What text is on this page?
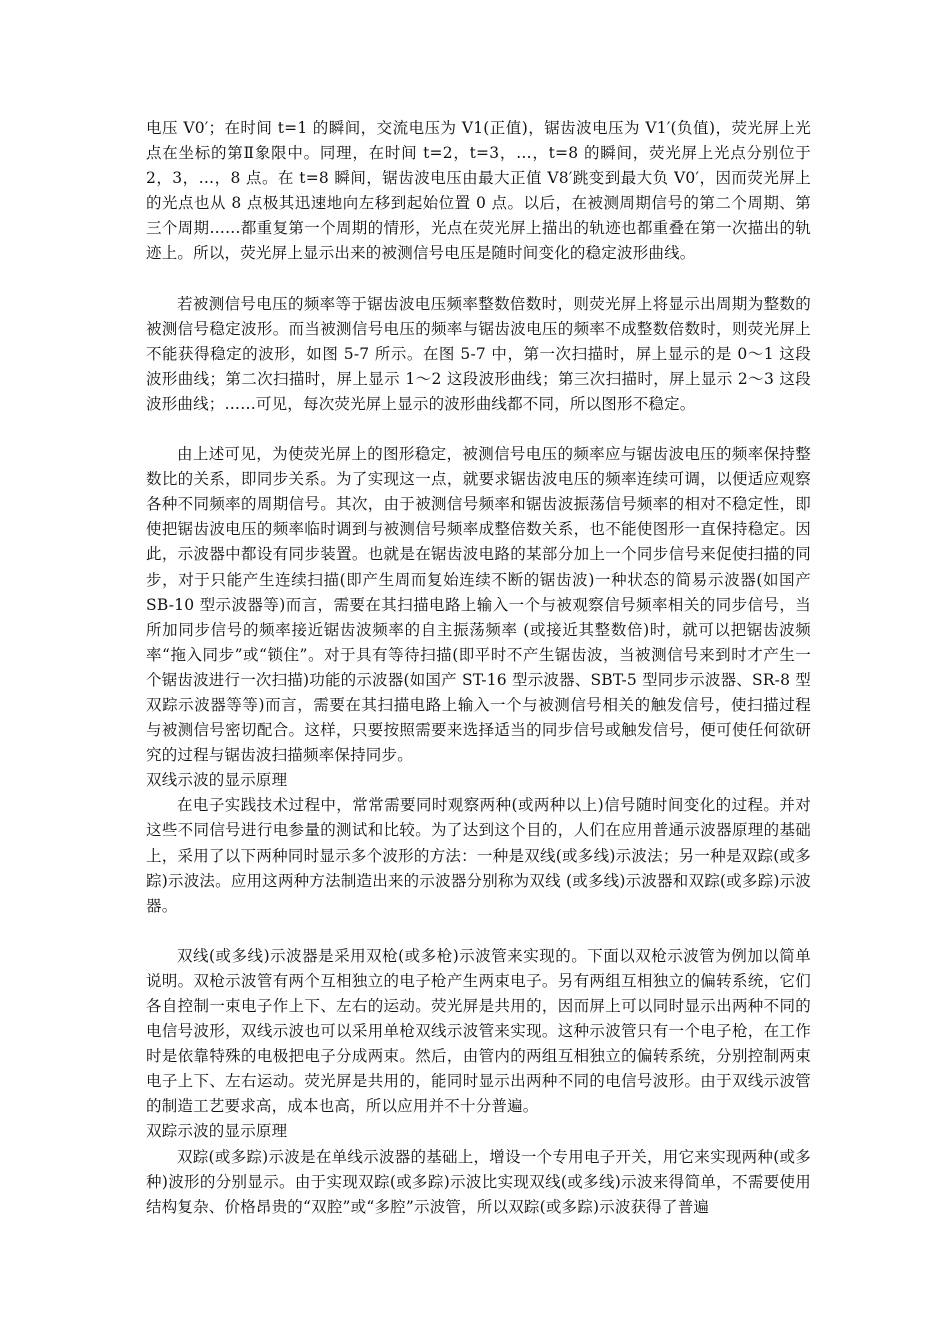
电压 V0′；在时间 t=1 的瞬间，交流电压为 V1(正值)，锯齿波电压为 V1′(负值)，荧光屏上光点在坐标的第Ⅱ象限中。同理，在时间 t=2，t=3，…，t=8 的瞬间，荧光屏上光点分别位于 2，3，…，8 点。在 t=8 瞬间，锯齿波电压由最大正值 V8′跳变到最大负 V0′，因而荧光屏上的光点也从 8 点极其迅速地向左移到起始位置 0 点。以后，在被测周期信号的第二个周期、第三个周期……都重复第一个周期的情形，光点在荧光屏上描出的轨迹也都重叠在第一次描出的轨迹上。所以，荧光屏上显示出来的被测信号电压是随时间变化的稳定波形曲线。

若被测信号电压的频率等于锯齿波电压频率整数倍数时，则荧光屏上将显示出周期为整数的被测信号稳定波形。而当被测信号电压的频率与锯齿波电压的频率不成整数倍数时，则荧光屏上不能获得稳定的波形，如图 5-7 所示。在图 5-7 中，第一次扫描时，屏上显示的是 0～1 这段波形曲线；第二次扫描时，屏上显示 1～2 这段波形曲线；第三次扫描时，屏上显示 2～3 这段波形曲线；……可见，每次荧光屏上显示的波形曲线都不同，所以图形不稳定。

由上述可见，为使荧光屏上的图形稳定，被测信号电压的频率应与锯齿波电压的频率保持整数比的关系，即同步关系。为了实现这一点，就要求锯齿波电压的频率连续可调，以便适应观察各种不同频率的周期信号。其次，由于被测信号频率和锯齿波振荡信号频率的相对不稳定性，即使把锯齿波电压的频率临时调到与被测信号频率成整倍数关系，也不能使图形一直保持稳定。因此，示波器中都设有同步装置。也就是在锯齿波电路的某部分加上一个同步信号来促使扫描的同步，对于只能产生连续扫描(即产生周而复始连续不断的锯齿波)一种状态的简易示波器(如国产 SB-10 型示波器等)而言，需要在其扫描电路上输入一个与被观察信号频率相关的同步信号，当所加同步信号的频率接近锯齿波频率的自主振荡频率 (或接近其整数倍)时，就可以把锯齿波频率“拖入同步”或“锁住”。对于具有等待扫描(即平时不产生锯齿波，当被测信号来到时才产生一个锯齿波进行一次扫描)功能的示波器(如国产 ST-16 型示波器、SBT-5 型同步示波器、SR-8 型双踪示波器等等)而言，需要在其扫描电路上输入一个与被测信号相关的触发信号，使扫描过程与被测信号密切配合。这样，只要按照需要来选择适当的同步信号或触发信号，便可使任何欲研究的过程与锯齿波扫描频率保持同步。

双线示波的显示原理

在电子实践技术过程中，常常需要同时观察两种(或两种以上)信号随时间变化的过程。并对这些不同信号进行电参量的测试和比较。为了达到这个目的，人们在应用普通示波器原理的基础上，采用了以下两种同时显示多个波形的方法：一种是双线(或多线)示波法；另一种是双踪(或多踪)示波法。应用这两种方法制造出来的示波器分别称为双线 (或多线)示波器和双踪(或多踪)示波器。

双线(或多线)示波器是采用双枪(或多枪)示波管来实现的。下面以双枪示波管为例加以简单说明。双枪示波管有两个互相独立的电子枪产生两束电子。另有两组互相独立的偏转系统，它们各自控制一束电子作上下、左右的运动。荧光屏是共用的，因而屏上可以同时显示出两种不同的电信号波形，双线示波也可以采用单枪双线示波管来实现。这种示波管只有一个电子枪，在工作时是依靠特殊的电极把电子分成两束。然后，由管内的两组互相独立的偏转系统，分别控制两束电子上下、左右运动。荧光屏是共用的，能同时显示出两种不同的电信号波形。由于双线示波管的制造工艺要求高，成本也高，所以应用并不十分普遍。

双踪示波的显示原理

双踪(或多踪)示波是在单线示波器的基础上，增设一个专用电子开关，用它来实现两种(或多种)波形的分别显示。由于实现双踪(或多踪)示波比实现双线(或多线)示波来得简单，不需要使用结构复杂、价格昂贵的“双腔”或“多腔”示波管，所以双踪(或多踪)示波获得了普遍
